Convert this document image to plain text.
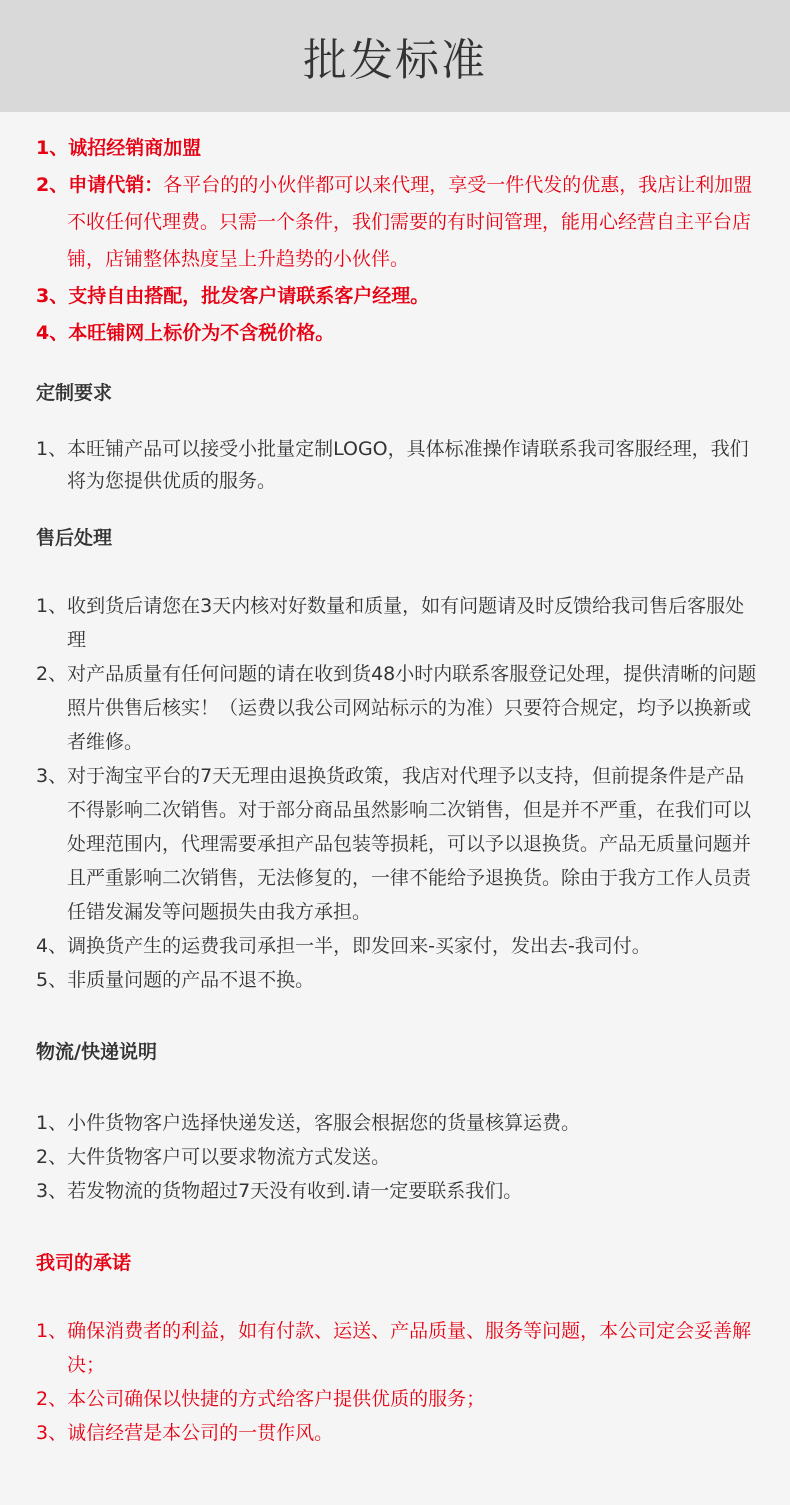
批发标准

1、诚招经销商加盟

2、申请代销：各平台的的小伙伴都可以来代理，享受一件代发的优惠，我店让利加盟不收任何代理费。只需一个条件，我们需要的有时间管理，能用心经营自主平台店铺，店铺整体热度呈上升趋势的小伙伴。

3、支持自由搭配，批发客户请联系客户经理。

4、本旺铺网上标价为不含税价格。

定制要求

1、本旺铺产品可以接受小批量定制LOGO，具体标准操作请联系我司客服经理，我们将为您提供优质的服务。

售后处理

1、收到货后请您在3天内核对好数量和质量，如有问题请及时反馈给我司售后客服处理

2、对产品质量有任何问题的请在收到货48小时内联系客服登记处理，提供清晰的问题照片供售后核实！（运费以我公司网站标示的为准）只要符合规定，均予以换新或者维修。

3、对于淘宝平台的7天无理由退换货政策，我店对代理予以支持，但前提条件是产品不得影响二次销售。对于部分商品虽然影响二次销售，但是并不严重，在我们可以处理范围内，代理需要承担产品包装等损耗，可以予以退换货。产品无质量问题并且严重影响二次销售，无法修复的，一律不能给予退换货。除由于我方工作人员责任错发漏发等问题损失由我方承担。

4、调换货产生的运费我司承担一半，即发回来-买家付，发出去-我司付。

5、非质量问题的产品不退不换。

物流/快递说明

1、小件货物客户选择快递发送，客服会根据您的货量核算运费。

2、大件货物客户可以要求物流方式发送。

3、若发物流的货物超过7天没有收到.请一定要联系我们。

我司的承诺

1、确保消费者的利益，如有付款、运送、产品质量、服务等问题，本公司定会妥善解决；

2、本公司确保以快捷的方式给客户提供优质的服务；

3、诚信经营是本公司的一贯作风。
